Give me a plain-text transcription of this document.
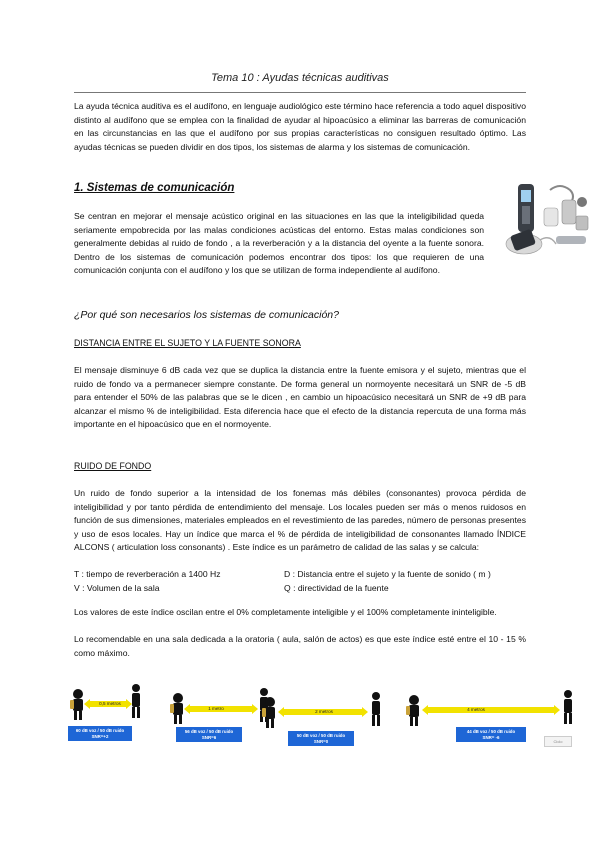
Tema 10 : Ayudas técnicas auditivas
La ayuda técnica auditiva es el audífono, en lenguaje audiológico este término hace referencia a todo aquel dispositivo distinto al audífono que se emplea con la finalidad de ayudar al hipoacúsico a eliminar las barreras de comunicación en las circunstancias en las que el audífono por sus propias características no consiguen resultado óptimo. Las ayudas técnicas se pueden dividir en dos tipos, los sistemas de alarma y los sistemas de comunicación.
1. Sistemas de comunicación
Se centran en mejorar el mensaje acústico original en las situaciones en las que la inteligibilidad queda seriamente empobrecida por las malas condiciones acústicas del entorno. Estas malas condiciones son generalmente debidas al ruido de fondo , a la reverberación y a la distancia del oyente a la fuente sonora. Dentro de los sistemas de comunicación podemos encontrar dos tipos: los que requieren de una comunicación conjunta con el audífono y los que se utilizan de forma independiente al audífono.
¿Por qué son necesarios los sistemas de comunicación?
DISTANCIA ENTRE EL SUJETO Y LA FUENTE SONORA
El mensaje disminuye 6 dB cada vez que se duplica la distancia entre la fuente emisora y el sujeto, mientras que el ruido de fondo va a permanecer siempre constante. De forma general un normoyente necesitará un SNR de -5 dB para entender el 50% de las palabras que se le dicen , en cambio un hipoacúsico necesitará un SNR de +9 dB para alcanzar el mismo % de inteligibilidad. Esta diferencia hace que el efecto de la distancia repercuta de una forma más importante en el hipoacúsico que en el normoyente.
RUIDO DE FONDO
Un ruido de fondo superior a la intensidad de los fonemas más débiles (consonantes) provoca pérdida de inteligibilidad y por tanto pérdida de entendimiento del mensaje. Los locales pueden ser más o menos ruidosos en función de sus dimensiones, materiales empleados en el revestimiento de las paredes, número de personas presentes y uso de esos locales. Hay un índice que marca el % de pérdida de inteligibilidad de consonantes llamado ÍNDICE ALCONS ( articulation loss consonants) . Este índice es un parámetro de calidad de las salas y se calcula:
T : tiempo de reverberación a 1400 Hz	D : Distancia entre el sujeto y la fuente de sonido ( m )
V : Volumen de la sala	Q : directividad de la fuente
Los valores de este índice oscilan entre el 0% completamente inteligible y el 100% completamente ininteligible.
Lo recomendable en una sala dedicada a la oratoria ( aula, salón de actos) es que este índice esté entre el 10 - 15 % como máximo.
0,5 metros
1 metro
2 metros	4 metros
60 dB voz / 50 dB ruido
SNR=+2
56 dB voz / 50 dB ruido
SNR=6	50 dB voz / 50 dB ruido
SNR=0
44 dB voz / 50 dB ruido
SNR= -6
Ciclo
